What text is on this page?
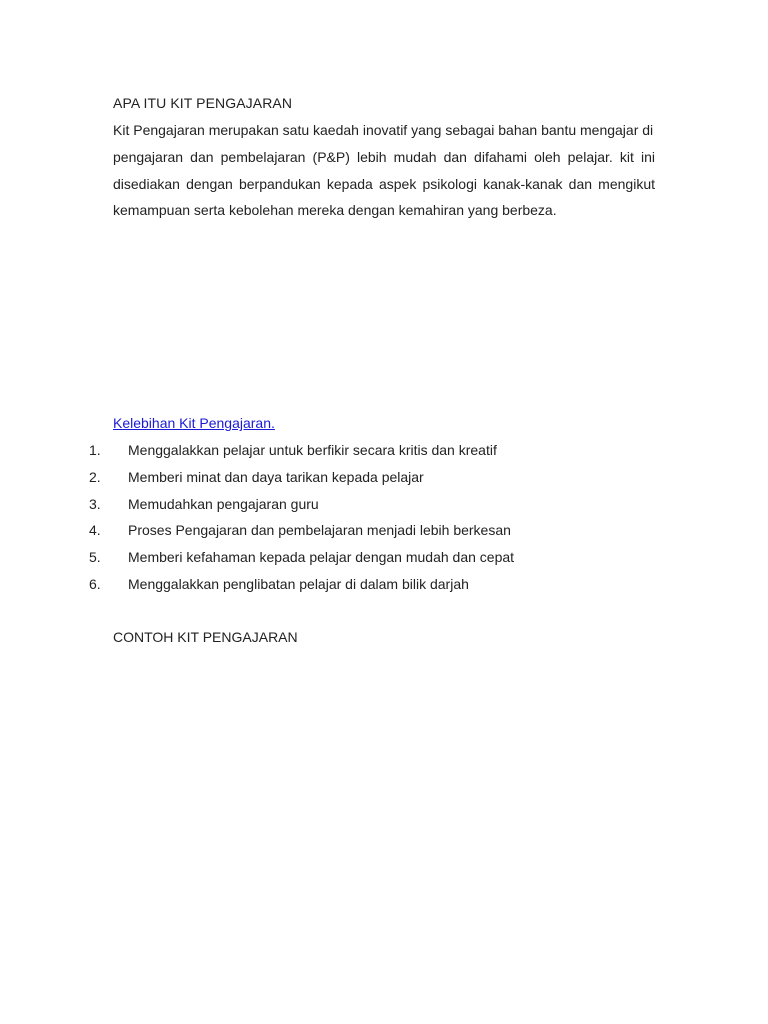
APA ITU KIT PENGAJARAN

Kit Pengajaran merupakan satu kaedah inovatif yang sebagai bahan bantu mengajar di
pengajaran dan pembelajaran (P&P) lebih mudah dan difahami oleh pelajar. kit ini disediakan dengan berpandukan kepada aspek psikologi kanak-kanak dan mengikut kemampuan serta kebolehan mereka dengan kemahiran yang berbeza.

Kelebihan Kit Pengajaran.
1.	Menggalakkan pelajar untuk berfikir secara kritis dan kreatif
2.	Memberi minat dan daya tarikan kepada pelajar
3.	Memudahkan pengajaran guru
4.	Proses Pengajaran dan pembelajaran menjadi lebih berkesan
5.	Memberi kefahaman kepada pelajar dengan mudah dan cepat
6.	Menggalakkan penglibatan pelajar di dalam bilik darjah
CONTOH KIT PENGAJARAN
